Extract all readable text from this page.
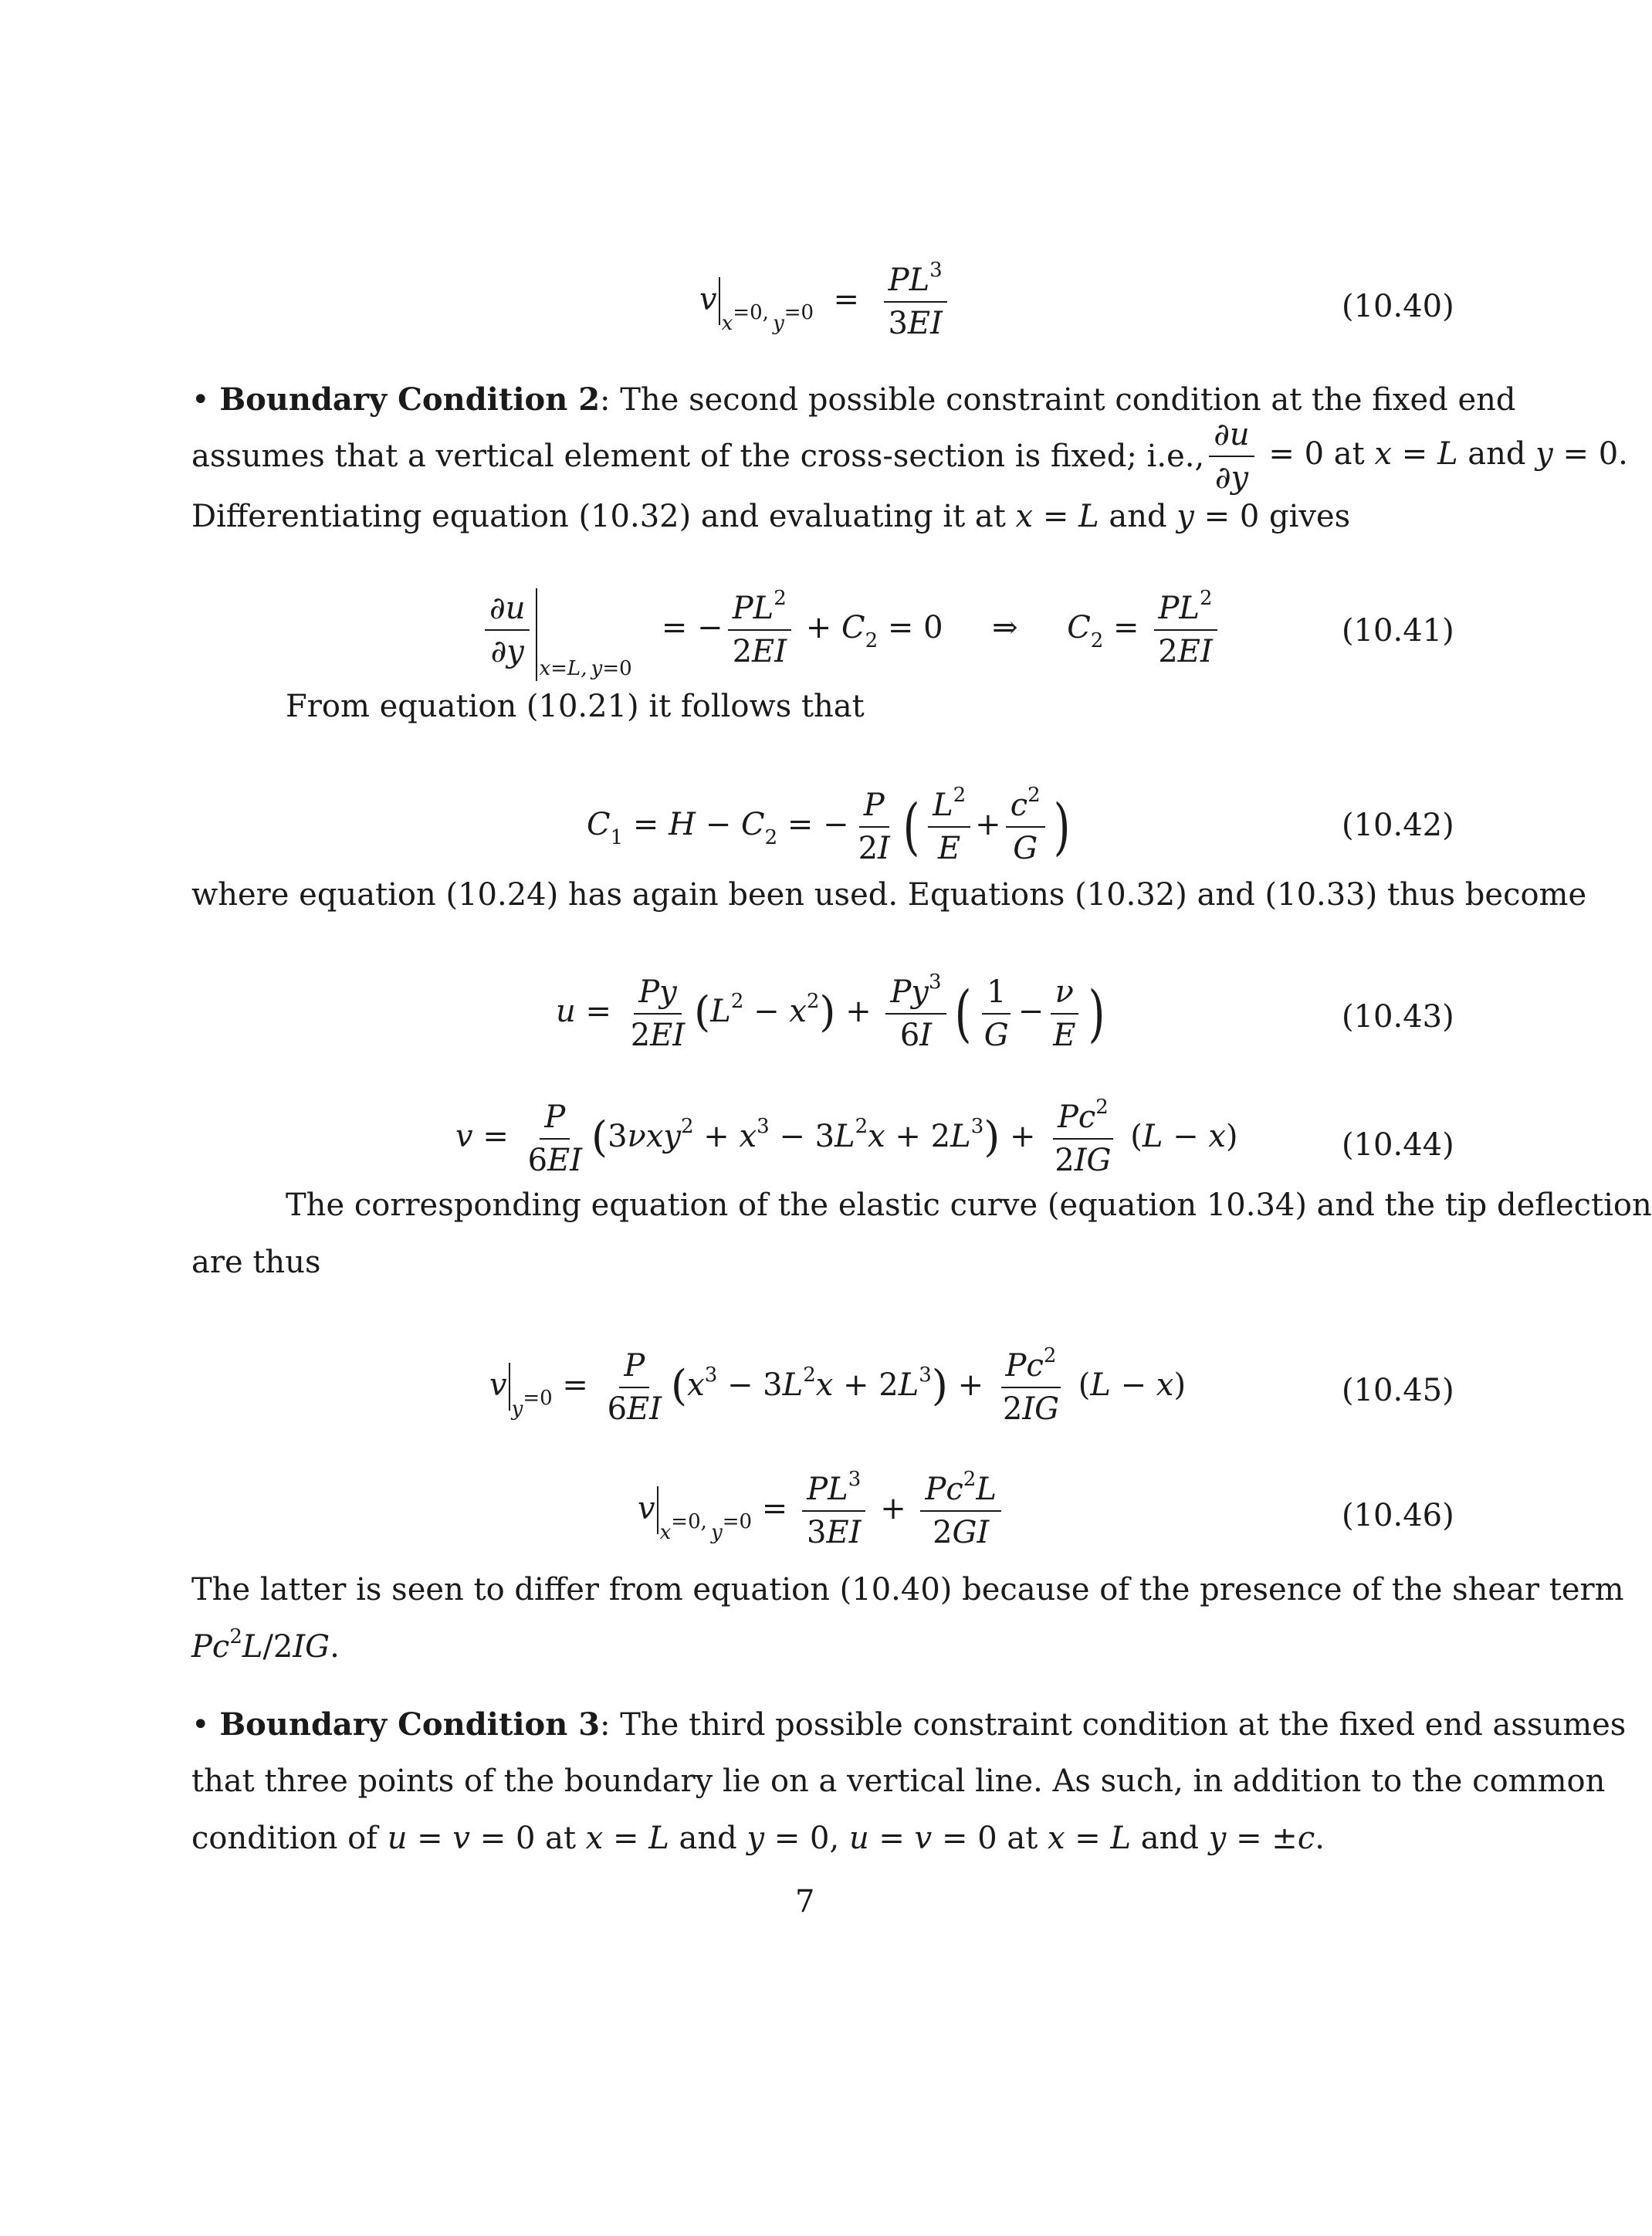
$v_{x=0,}$ $_{y=0} = \frac{PL^3}{3EI}$	(10.40)
• Boundary Condition 2: The second possible constraint condition at the fixed end
assumes that a vertical element of the cross-section is fixed; i.e., $\frac{\partial u}{\partial y} = 0$ at x = L and y = 0.
Differentiating equation (10.32) and evaluating it at x = L and y = 0 gives
$\frac{\partial u}{\partial y} _{x=L, y=0}$   = − $\frac{PL^2}{2EI} + C_2 = 0$     ⇒     $C_2 = \frac{PL^2}{2EI}$	(10.41)
From equation (10.21) it follows that
$C_1 = H - C_2$ = − $\frac{P}{2I}$ ( $\frac{L^2}{E} + \frac{c^2}{G}$ )	(10.42)
where equation (10.24) has again been used. Equations (10.32) and (10.33) thus become
$u = \frac{Py}{2EI} (L^2 - x^2) + \frac{Py^3}{6I}$ ( $\frac{1}{G} - \frac{\nu}{E}$ )	(10.43)
$v = \frac{P}{6EI} (3\nu xy^2 + x^3 - 3L^2x + 2L^3) + \frac{Pc^2}{2IG} (L - x)$	(10.44)
The corresponding equation of the elastic curve (equation 10.34) and the tip deflection
are thus
$v_{y=0} = \frac{P}{6EI} (x^3 - 3L^2x + 2L^3) + \frac{Pc^2}{2IG} (L - x)$	(10.45)
$v_{x=0,}$ $_{y=0} = \frac{PL^3}{3EI} + \frac{Pc^2L}{2GI}$	(10.46)
The latter is seen to differ from equation (10.40) because of the presence of the shear term
Pc$^2$L/2IG.
• Boundary Condition 3: The third possible constraint condition at the fixed end assumes
that three points of the boundary lie on a vertical line. As such, in addition to the common
condition of u = v = 0 at x = L and y = 0, u = v = 0 at x = L and y = ±c.
7
